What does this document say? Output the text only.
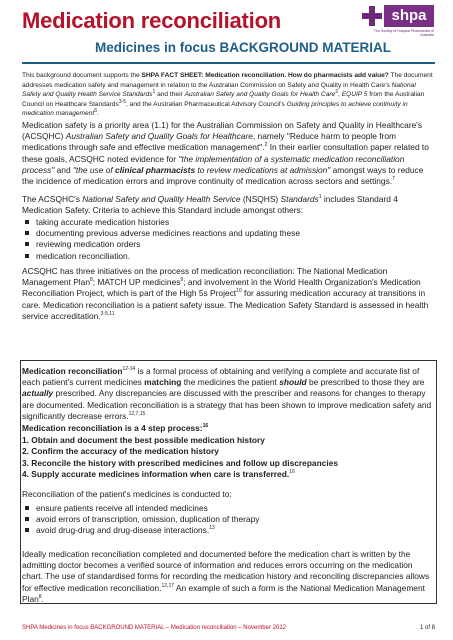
Medication reconciliation
Medicines in focus BACKGROUND MATERIAL
shpa
The Society of Hospital Pharmacists of Australia
This background document supports the SHPA FACT SHEET: Medication reconciliation. How do pharmacists add value? The document addresses medication safety and management in relation to the Australian Commission on Safety and Quality in Health Care's National Safety and Quality Health Service Standards$^1$ and their Australian Safety and Quality Goals for Health Care$^2$, EQUIP 5 from the Australian Council on Healthcare Standards$^{3-5}$, and the Australian Pharmaceutical Advisory Council's Guiding principles to achieve continuity in medication management$^6$.
Medication safety is a priority area (1.1) for the Australian Commission on Safety and Quality in Healthcare's (ACSQHC) Australian Safety and Quality Goals for Healthcare, namely "Reduce harm to people from medications through safe and effective medication management".$^2$ In their earlier consultation paper related to these goals, ACSQHC noted evidence for "the implementation of a systematic medication reconciliation process" and "the use of clinical pharmacists to review medications at admission" amongst ways to reduce the incidence of medication errors and improve continuity of medication across sectors and settings.$^7$
The ACSQHC's National Safety and Quality Health Service (NSQHS) Standards$^1$ includes Standard 4 Medication Safety. Criteria to achieve this Standard include amongst others:
taking accurate medication histories
documenting previous adverse medicines reactions and updating these
reviewing medication orders
medication reconciliation.
ACSQHC has three initiatives on the process of medication reconciliation: The National Medication Management Plan$^8$; MATCH UP medicines$^9$; and involvement in the World Health Organization's Medication Reconciliation Project, which is part of the High 5s Project$^{10}$ for assuring medication accuracy at transitions in care. Medication reconciliation is a patient safety issue. The Medication Safety Standard is assessed in health service accreditation.$^{3-5,11}$
Medication reconciliation$^{12-14}$ is a formal process of obtaining and verifying a complete and accurate list of each patient's current medicines matching the medicines the patient should be prescribed to those they are actually prescribed. Any discrepancies are discussed with the prescriber and reasons for changes to therapy are documented. Medication reconciliation is a strategy that has been shown to improve medication safety and significantly decrease errors.$^{12,7,15}$
Medication reconciliation is a 4 step process:$^{16}$
1. Obtain and document the best possible medication history
2. Confirm the accuracy of the medication history
3. Reconcile the history with prescribed medicines and follow up discrepancies
4. Supply accurate medicines information when care is transferred.$^{16}$
Reconciliation of the patient's medicines is conducted to:
ensure patients receive all intended medicines
avoid errors of transcription, omission, duplication of therapy
avoid drug-drug and drug-disease interactions.$^{13}$
Ideally medication reconciliation completed and documented before the medication chart is written by the admitting doctor becomes a verified source of information and reduces errors occurring on the medication chart. The use of standardised forms for recording the medication history and reconciling discrepancies allows for effective medication reconciliation.$^{12,17}$ An example of such a form is the National Medication Management Plan$^8$.
SHPA Medicines in focus BACKGROUND MATERIAL – Medication reconciliation – November 2012	1 of 8
